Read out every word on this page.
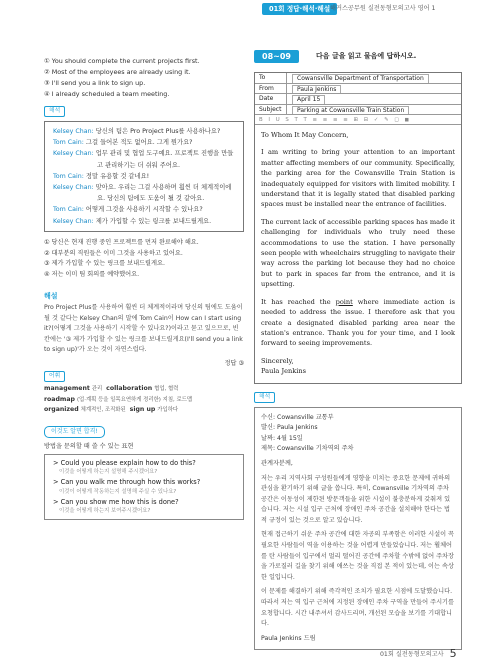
01회 정답·해석·해설 해커스공무원 실전동형모의고사 영어 1
① You should complete the current projects first.
② Most of the employees are already using it.
③ I'll send you a link to sign up.
④ I already scheduled a team meeting.
해석
Kelsey Chan: 당신의 팀은 Pro Project Plus를 사용하나요?
Tom Cain: 그걸 들어본 적도 없어요. 그게 뭔가요?
Kelsey Chan: 업무 관리 및 협업 도구예요. 프로젝트 진행을 만들
고 관리하기는 더 쉬워 주어요.
Tom Cain: 정말 유용할 것 같네요!
Kelsey Chan: 맞아요. 우리는 그걸 사용하며 훨씬 더 체계적이에
요. 당신의 팀에도 도움이 될 것 같아요.
Tom Cain: 어떻게 그것을 사용하기 시작할 수 있나요?
Kelsey Chan: 제가 가입할 수 있는 링크를 보내드릴게요.
① 당신은 현재 진행 중인 프로젝트를 먼저 완료해야 해요.
② 대부분의 직원들은 이미 그것을 사용하고 있어요.
③ 제가 가입할 수 있는 링크를 보내드릴게요.
④ 저는 이미 팀 회의를 예약했어요.
해설
Pro Project Plus를 사용하여 훨씬 더 체계적이라며 당신의 팀에도 도움이 될 것 같다는 Kelsey Chan의 말에 Tom Cain이 How can I start using it?(어떻게 그것을 사용하기 시작할 수 있나요?)이라고 묻고 있으므로, 빈칸에는 '③ 제가 가입할 수 있는 링크를 보내드릴게요(I'll send you a link to sign up)'가 오는 것이 자연스럽다.
정답 ③
어휘
management 관리 collaboration 협업, 협력
roadmap (업·계획 등을 일목요연하게 정리한) 지침, 로드맵
organized 체계적인, 조직화된 sign up 가입하다
이것도 알면 합격!
방법을 문의할 때 쓸 수 있는 표현
> Could you please explain how to do this?
이것을 어떻게 하는지 설명해 주시겠어요?
> Can you walk me through how this works?
이것이 어떻게 작동하는지 설명해 주실 수 있나요?
> Can you show me how this is done?
이것을 어떻게 하는지 보여주시겠어요?
08~09	다음 글을 읽고 물음에 답하시오.
To	Cowansville Department of Transportation
From	Paula Jenkins
Date	April 15
Subject	Parking at Cowansville Train Station
B I U S T T ≡ ≡ ≡ ≡ ⊞ ⊟ ✓ ✎ ◻ ◼

To Whom It May Concern,

I am writing to bring your attention to an important matter affecting members of our community. Specifically, the parking area for the Cowansville Train Station is inadequately equipped for visitors with limited mobility. I understand that it is legally stated that disabled parking spaces must be installed near the entrance of facilities.

The current lack of accessible parking spaces has made it challenging for individuals who truly need these accommodations to use the station. I have personally seen people with wheelchairs struggling to navigate their way across the parking lot because they had no choice but to park in spaces far from the entrance, and it is upsetting.

It has reached the point where immediate action is needed to address the issue. I therefore ask that you create a designated disabled parking area near the station's entrance. Thank you for your time, and I look forward to seeing improvements.

Sincerely,
Paula Jenkins
해석
수신: Cowansville 교통부
발신: Paula Jenkins
날짜: 4월 15일
제목: Cowansville 기차역의 주차
관계자분께,
저는 우리 지역사회 구성원들에게 영향을 미치는 중요한 문제에 귀하의 관심을 환기하기 위해 글을 씁니다. 특히, Cowansville 기차역의 주차 공간은 이동성이 제한된 방문객들을 위한 시설이 불충분하게 갖춰져 있습니다. 저는 시설 입구 근처에 장애인 주차 공간을 설치해야 한다는 법적 규정이 있는 것으로 알고 있습니다.
현재 접근하기 쉬운 주차 공간에 대한 자공의 부족함은 이러한 시설이 꼭 필요한 사람들이 역을 이용하는 것을 어렵게 만들었습니다. 저는 휠체어를 탄 사람들이 입구에서 멀리 떨어진 공간에 주차할 수밖에 없어 주차장을 가로질러 길을 찾기 위해 애쓰는 것을 직접 본 적이 있는데, 이는 속상한 일입니다.
이 문제를 해결하기 위해 즉각적인 조치가 필요한 시점에 도달했습니다. 따라서 저는 역 입구 근처에 지정된 장애인 주차 구역을 만들어 주시기를 요청합니다. 시간 내주셔서 감사드리며, 개선된 모습을 보기를 기대합니다.
Paula Jenkins 드림
01회 실전동형모의고사 5
